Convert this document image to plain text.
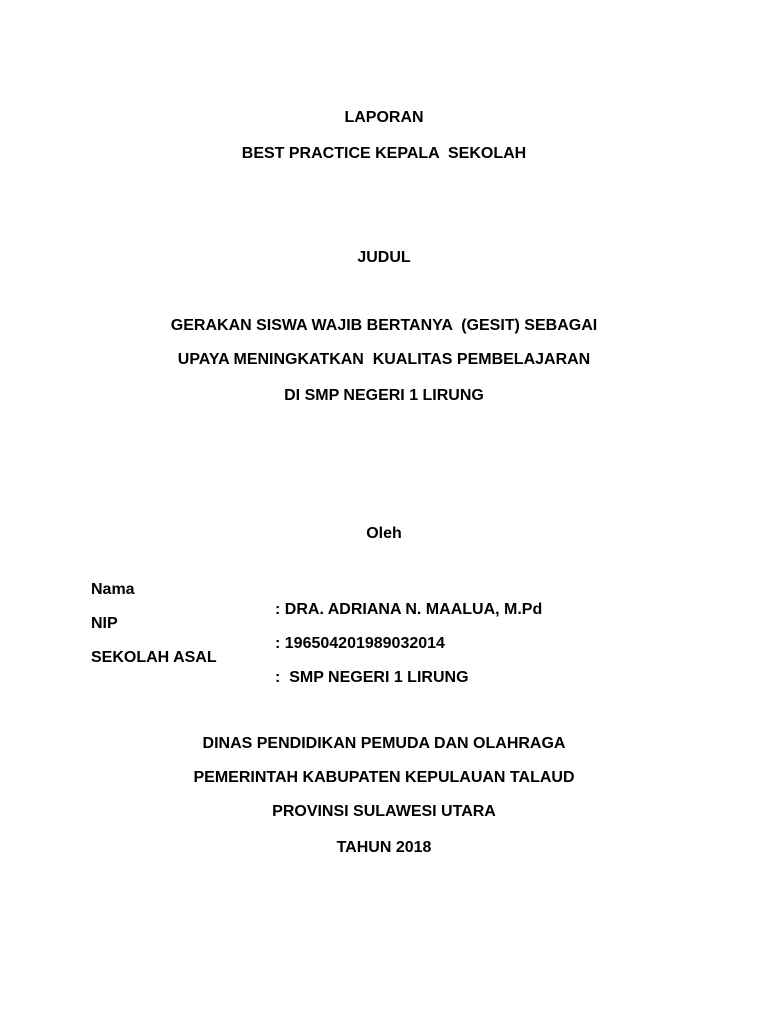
LAPORAN
BEST PRACTICE KEPALA  SEKOLAH
JUDUL
GERAKAN SISWA WAJIB BERTANYA  (GESIT) SEBAGAI
UPAYA MENINGKATKAN  KUALITAS PEMBELAJARAN
DI SMP NEGERI 1 LIRUNG
Oleh

Nama

: DRA. ADRIANA N. MAALUA, M.Pd

NIP

: 196504201989032014

SEKOLAH ASAL

:  SMP NEGERI 1 LIRUNG

DINAS PENDIDIKAN PEMUDA DAN OLAHRAGA
PEMERINTAH KABUPATEN KEPULAUAN TALAUD
PROVINSI SULAWESI UTARA
TAHUN 2018
